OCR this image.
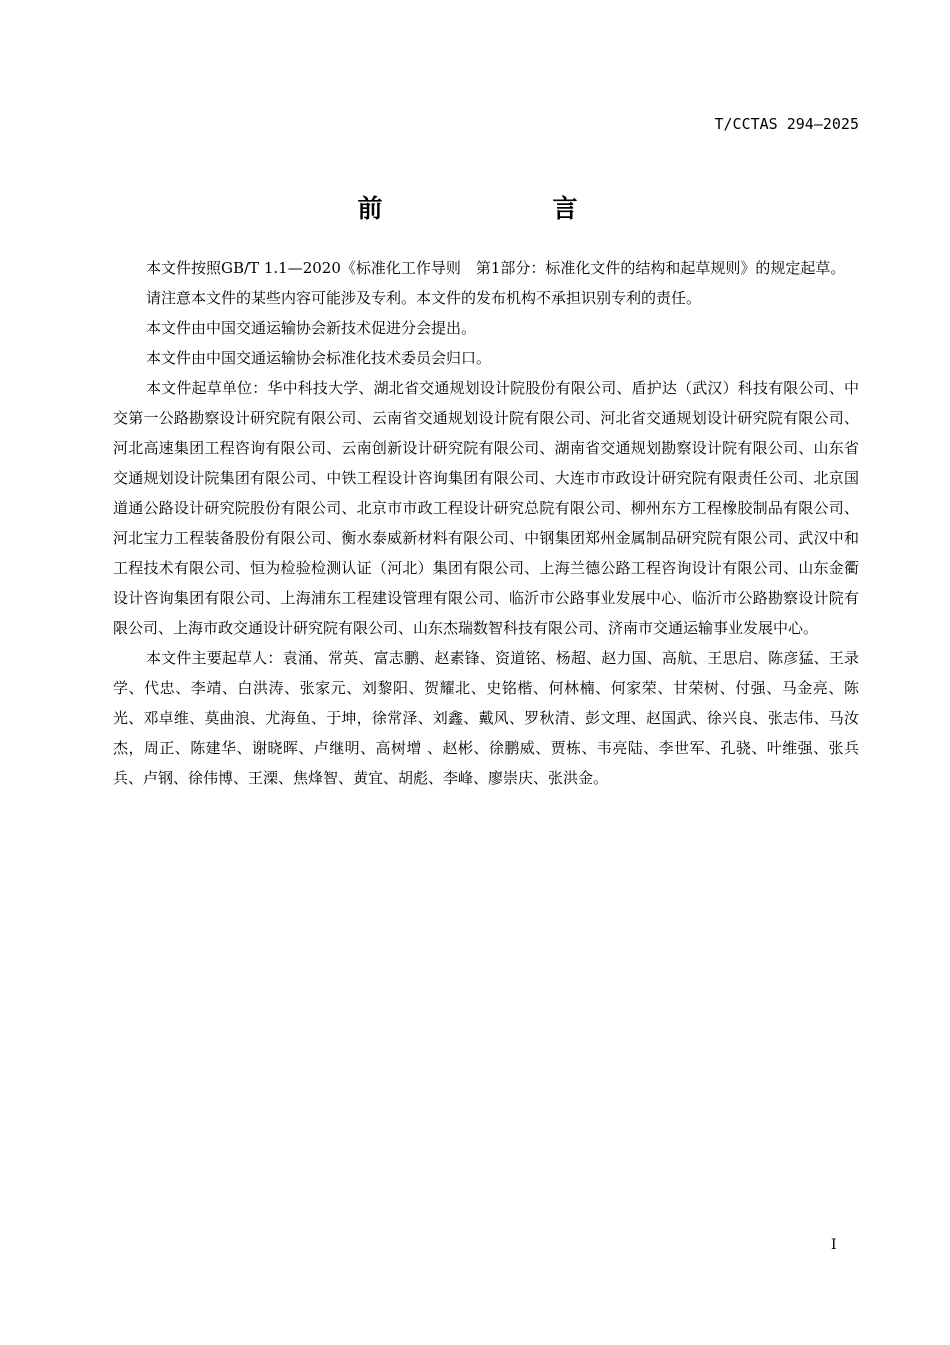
T/CCTAS 294—2025
前　　言

本文件按照GB/T 1.1—2020《标准化工作导则　第1部分：标准化文件的结构和起草规则》的规定起草。

请注意本文件的某些内容可能涉及专利。本文件的发布机构不承担识别专利的责任。

本文件由中国交通运输协会新技术促进分会提出。

本文件由中国交通运输协会标准化技术委员会归口。

本文件起草单位：华中科技大学、湖北省交通规划设计院股份有限公司、盾护达（武汉）科技有限公司、中交第一公路勘察设计研究院有限公司、云南省交通规划设计院有限公司、河北省交通规划设计研究院有限公司、河北高速集团工程咨询有限公司、云南创新设计研究院有限公司、湖南省交通规划勘察设计院有限公司、山东省交通规划设计院集团有限公司、中铁工程设计咨询集团有限公司、大连市市政设计研究院有限责任公司、北京国道通公路设计研究院股份有限公司、北京市市政工程设计研究总院有限公司、柳州东方工程橡胶制品有限公司、河北宝力工程装备股份有限公司、衡水泰威新材料有限公司、中钢集团郑州金属制品研究院有限公司、武汉中和工程技术有限公司、恒为检验检测认证（河北）集团有限公司、上海兰德公路工程咨询设计有限公司、山东金衢设计咨询集团有限公司、上海浦东工程建设管理有限公司、临沂市公路事业发展中心、临沂市公路勘察设计院有限公司、上海市政交通设计研究院有限公司、山东杰瑞数智科技有限公司、济南市交通运输事业发展中心。

本文件主要起草人：袁涌、常英、富志鹏、赵素锋、资道铭、杨超、赵力国、高航、王思启、陈彦猛、王录学、代忠、李靖、白洪涛、张家元、刘黎阳、贺耀北、史铭楷、何林楠、何家荣、甘荣树、付强、马金亮、陈光、邓卓维、莫曲浪、尤海鱼、于坤，徐常泽、刘鑫、戴风、罗秋清、彭文理、赵国武、徐兴良、张志伟、马汝杰，周正、陈建华、谢晓晖、卢继明、高树增 、赵彬、徐鹏威、贾栋、韦亮陆、李世军、孔骁、叶维强、张兵兵、卢钢、徐伟博、王溧、焦烽智、黄宜、胡彪、李峰、廖崇庆、张洪金。

I
